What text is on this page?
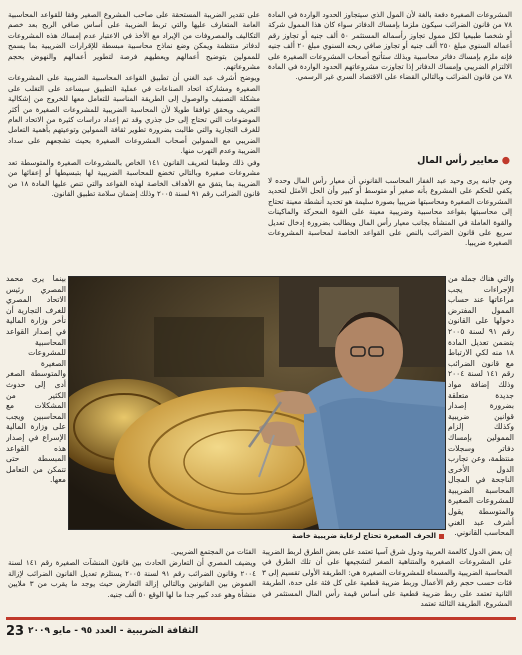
على تقدير الضريبة المستحقة على صاحب المشروع الصغير وفقا للقواعد المحاسبية العامة المتعارف عليها والتي تربط الضريبة على أساس صافي الربح بعد خصم التكاليف والمصروفات من الإيراد مع الأخذ في الاعتبار عدم إمساك هذه المشروعات لدفاتر منتظمة ويمكن وضع نماذج محاسبية مبسطة للإقرارات الضريبية بما يسمح للممولين بتوضيح أعمالهم ويعطيهم فرصة لتطوير أعمالهم والنهوض بحجم مشروعاتهم.

ويوضح أشرف عبد الغني أن تطبيق القواعد المحاسبية الضريبية على المشروعات الصغيرة ومشاركة اتحاد الصناعات في عملية التطبيق سيساعد على التغلب على مشكلة التصنيف والوصول إلى الطريقة المناسبة للتعامل معها للخروج من إشكالية التعريف ويحقق توافقا طويلا لأن المحاسبة الضريبية للمشروعات الصغيرة من أكثر الموضوعات التي تحتاج إلى حل جذري وقد تم إعداد دراسات كثيرة من الاتحاد العام للغرف التجارية والتي طالبت بضرورة تطوير ثقافة الممولين وتوعيتهم بأهمية التعامل الضريبي مع الممولين أصحاب المشروعات الصغيرة بحيث تشجعهم على سداد الضريبة وعدم التهرب منها.

وفي ذلك وطبقا لتعريف القانون ١٤١ الخاص بالمشروعات الصغيرة والمتوسطة تعد مشروعات صغيرة وبالتالي تخضع للمحاسبة الضريبية لها بتبسيطها أو إعفائها من الضريبة بما يتفق مع الأهداف الخاصة لهذه القواعد والتي تنص عليها المادة ١٨ من قانون الضرائب رقم ٩١ لسنة ٢٠٠٥ وذلك إضمان سلامة تطبيق القانون.

المشروعات الصغيرة دفعة بالغة لأن المول الذي سيتجاوز الحدود الواردة في المادة ٧٨ من قانون الضرائب سيكون ملزما بإمساك الدفاتر سواء كان هذا الممول شركة أو شخصا طبيعيا لكل ممول تجاوز رأسماله المستثمر ٥٠ ألف جنيه أو تجاوز رقم أعماله السنوي مبلغ ٢٥٠ ألف جنيه أو تجاوز صافي ربحه السنوي مبلغ ٢٠ ألف جنيه فإنه ملزم بإمساك دفاتر محاسبية وبذلك ستأتيح أصحاب المشروعات الصغيرة على الالتزام الضريبي وإمساك الدفاتر إذا تجاوزت مشروعاتهم الحدود الواردة في المادة ٧٨ من قانون الضرائب وبالتالي القضاء على الاقتصاد السري غير الرسمي.

●معايير رأس المال

ومن جانبه يرى وحيد عبد الغفار المحاسب القانوني أن معيار رأس المال وحده لا يكفي للحكم على المشروع بأنه صغير أو متوسط أو كبير وأن الحل الأمثل لتحديد المشروعات الصغيرة ومحاسبتها ضريبيا بصورة سليمة هو تحديد أنشطة معينة تحتاج إلى محاسبتها بقواعد محاسبية وضريبية معينة على القوة المحركة والماكينات والقوة العاملة في المنشأة بجانب معيار رأس المال ويطالب بضرورة إدخال تعديل سريع على قانون الضرائب بالنص على القواعد الخاصة لمحاسبة المشروعات الصغيرة ضريبيا.

بينما يرى محمد المصري رئيس الاتحاد المصري للغرف التجارية أن تأخر وزارة المالية في إصدار القواعد المحاسبية للمشروعات الصغيرة والمتوسطة الصغر أدى إلى حدوث الكثير من المشكلات مع المحاسبين ويجب على وزارة المالية الإسراع في إصدار هذه القواعد المبسطة حتى تتمكن من التعامل معها.

والتي هناك جملة من الإجراءات يجب مراعاتها عند حساب الممول المفترض دخولها على القانون رقم ٩١ لسنة ٢٠٠٥ بتضمن تعديل المادة ١٨ منه لكي الارتباط مع قانون الضرائب رقم ١٤١ لسنة ٢٠٠٤ وذلك إضافة مواد جديدة متعلقة بضرورة إصدار قوانين ضريبية وكذلك إلزام الممولين بإمساك دفاتر وسجلات منتظمة، وعن تجارب الدول الأخرى الناجحة في المجال المحاسبة الضريبية للمشروعات الصغيرة والمتوسطة يقول أشرف عبد الغني المحاسب القانوني.

الحرف الصغيرة تحتاج لرعاية ضريبية خاصة

الفئات من المجتمع الضريبي.

ويضيف المصري أن التعارض الحادث بين قانون المنشآت الصغيرة رقم ١٤١ لسنة ٢٠٠٤ وقانون الضرائب رقم ٩١ لسنة ٢٠٠٥ يستلزم تعديل القانون الضرائب لإزالة الغموض بين القانونين وبالتالي إزالة التعارض حيث يوجد ما يقرب من ٣ ملايين منشأة وهو عدد كبير جدا ما لها الوقع ٥٠ ألف جنيه.

إن بعض الدول كالعمة العربية ودول شرق آسيا تعتمد على بعض الطرق لربط الضريبة على المشروعات الصغيرة والمتناهية الصغر لتشجيعها على أن تلك الطرق في المحاسبة الضريبية والمسماة للمشروعات الصغيرة هي: الطريقة الأولى تقسيم إلى ٣ فئات حسب حجم رقم الأعمال وربط ضريبة قطعية على كل فئة على حدة، الطريقة الثانية تعتمد على ربط ضريبة قطعية على أساس قيمة رأس المال المستثمر في المشروع، الطريقة الثالثة تعتمد

23 الثقافة الضريبية - العدد ٩٥ - مايو ٢٠٠٩
